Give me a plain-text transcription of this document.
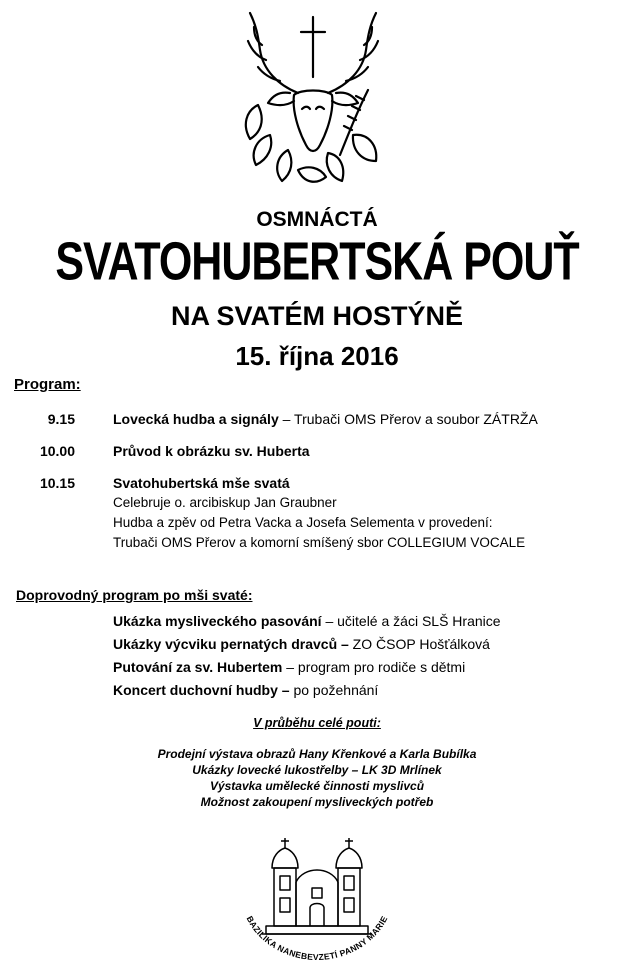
OSMNÁCTÁ
SVATOHUBERTSKÁ POUŤ
NA SVATÉM HOSTÝNĚ
15. října 2016
Program:
9.15	Lovecká hudba a signály – Trubači OMS Přerov a soubor ZÁTRŽA
10.00	Průvod k obrázku sv. Huberta
10.15	Svatohubertská mše svatá
Celebruje o. arcibiskup Jan Graubner
Hudba a zpěv od Petra Vacka a Josefa Selementa v provedení:
Trubači OMS Přerov a komorní smíšený sbor COLLEGIUM VOCALE
Doprovodný program po mši svaté:
Ukázka mysliveckého pasování – učitelé a žáci SLŠ Hranice
Ukázky výcviku pernatých dravců – ZO ČSOP Hošťálková
Putování za sv. Hubertem – program pro rodiče s dětmi
Koncert duchovní hudby – po požehnání
V průběhu celé pouti:
Prodejní výstava obrazů Hany Křenkové a Karla Bubílka
Ukázky lovecké lukostřelby – LK 3D Mrlínek
Výstavka umělecké činnosti myslivců
Možnost zakoupení mysliveckých potřeb
BAZILIKA NANEBEVZETÍ PANNY MARIE
